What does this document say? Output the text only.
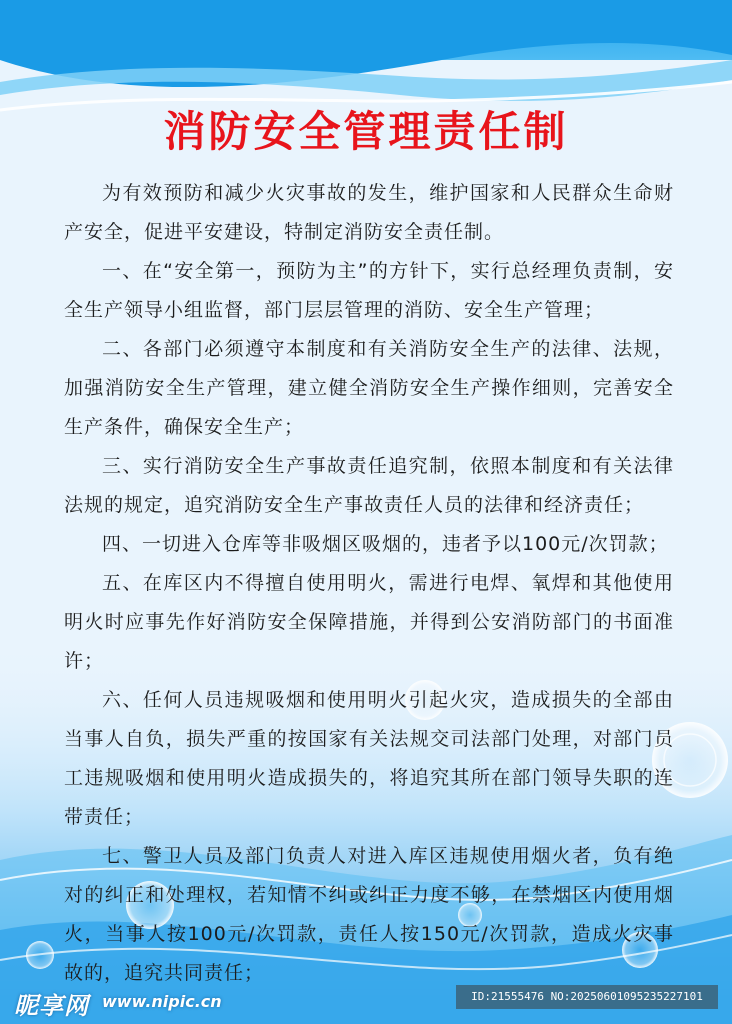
消防安全管理责任制

为有效预防和减少火灾事故的发生，维护国家和人民群众生命财产安全，促进平安建设，特制定消防安全责任制。

一、在“安全第一，预防为主”的方针下，实行总经理负责制，安全生产领导小组监督，部门层层管理的消防、安全生产管理；

二、各部门必须遵守本制度和有关消防安全生产的法律、法规，加强消防安全生产管理，建立健全消防安全生产操作细则，完善安全生产条件，确保安全生产；

三、实行消防安全生产事故责任追究制，依照本制度和有关法律法规的规定，追究消防安全生产事故责任人员的法律和经济责任；

四、一切进入仓库等非吸烟区吸烟的，违者予以100元/次罚款；

五、在库区内不得擅自使用明火，需进行电焊、氧焊和其他使用明火时应事先作好消防安全保障措施，并得到公安消防部门的书面准许；

六、任何人员违规吸烟和使用明火引起火灾，造成损失的全部由当事人自负，损失严重的按国家有关法规交司法部门处理，对部门员工违规吸烟和使用明火造成损失的，将追究其所在部门领导失职的连带责任；

七、警卫人员及部门负责人对进入库区违规使用烟火者，负有绝对的纠正和处理权，若知情不纠或纠正力度不够，在禁烟区内使用烟火，当事人按100元/次罚款，责任人按150元/次罚款，造成火灾事故的，追究共同责任；

昵享网 www.nipic.cn	ID:21555476 NO:20250601095235227101
